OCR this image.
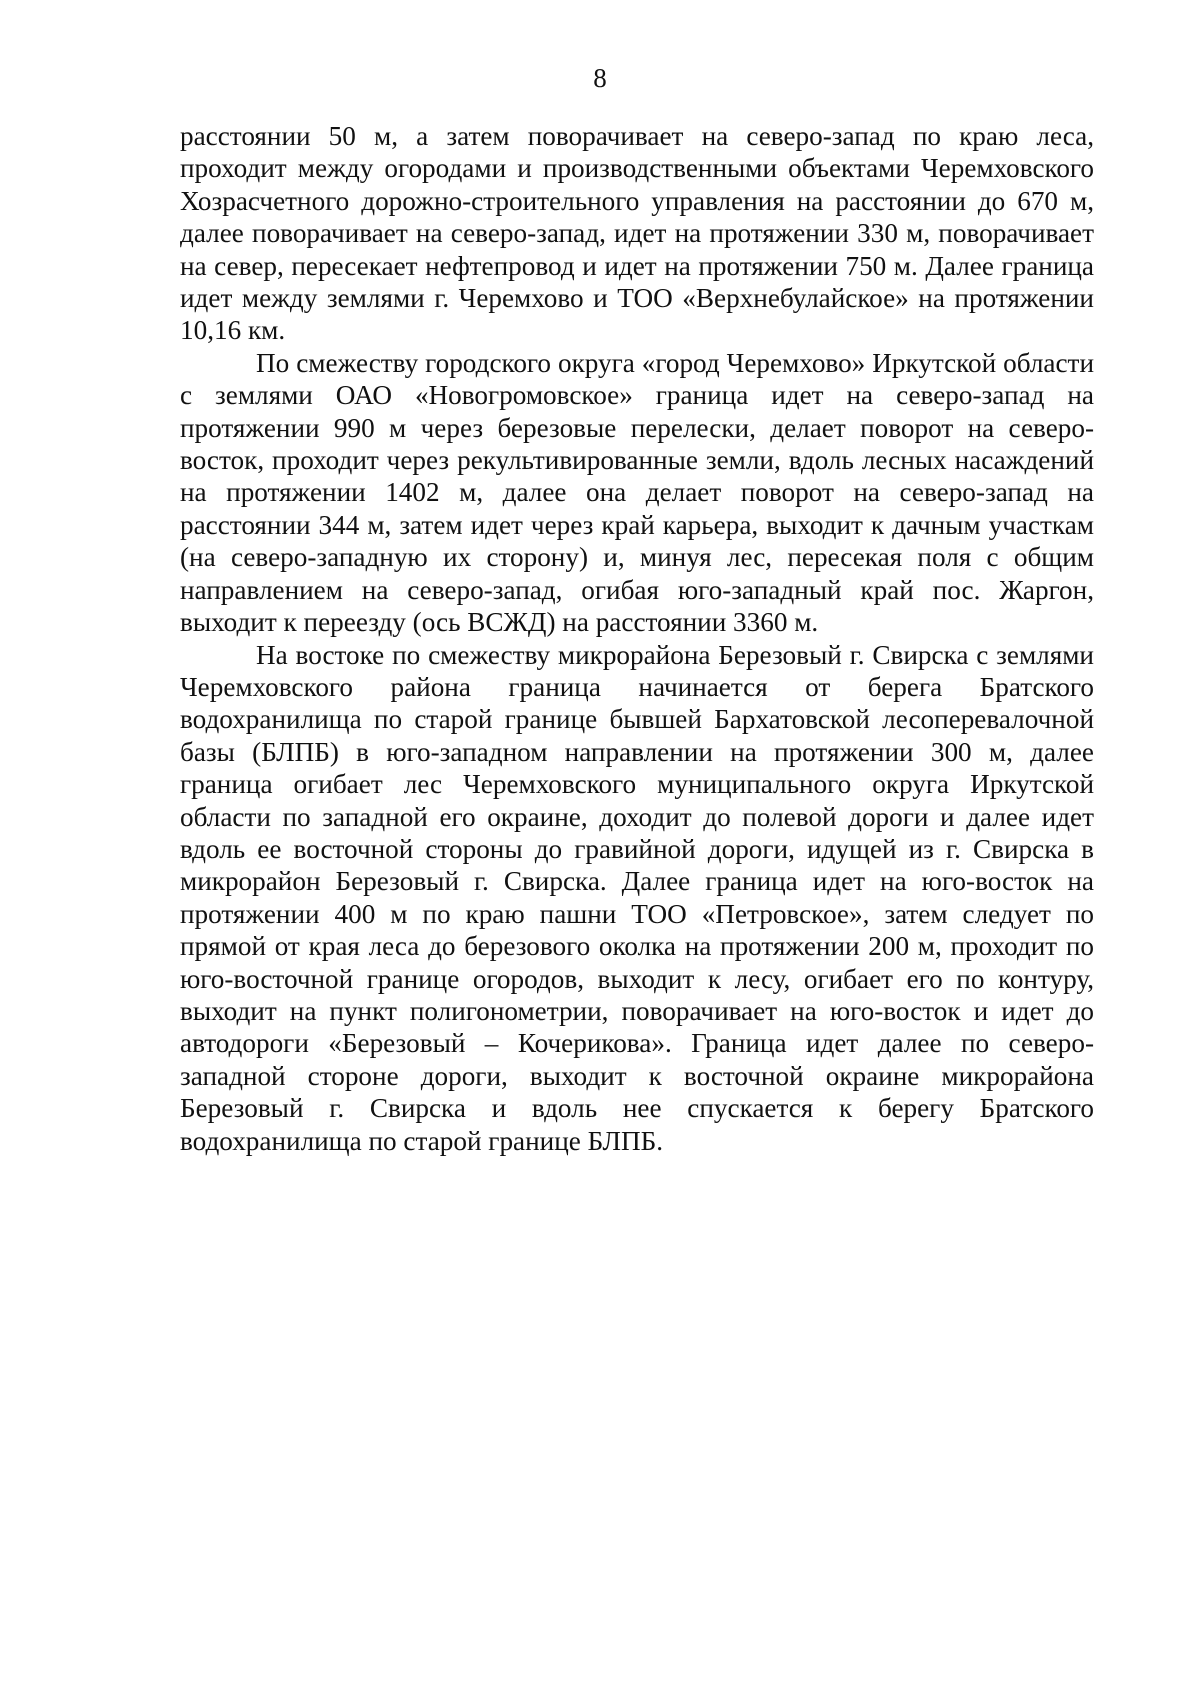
8

расстоянии 50 м, а затем поворачивает на северо-запад по краю леса, проходит между огородами и производственными объектами Черемховского Хозрасчетного дорожно-строительного управления на расстоянии до 670 м, далее поворачивает на северо-запад, идет на протяжении 330 м, поворачивает на север, пересекает нефтепровод и идет на протяжении 750 м. Далее граница идет между землями г. Черемхово и ТОО «Верхнебулайское» на протяжении 10,16 км.

По смежеству городского округа «город Черемхово» Иркутской области с землями ОАО «Новогромовское» граница идет на северо-запад на протяжении 990 м через березовые перелески, делает поворот на северо-восток, проходит через рекультивированные земли, вдоль лесных насаждений на протяжении 1402 м, далее она делает поворот на северо-запад на расстоянии 344 м, затем идет через край карьера, выходит к дачным участкам (на северо-западную их сторону) и, минуя лес, пересекая поля с общим направлением на северо-запад, огибая юго-западный край пос. Жаргон, выходит к переезду (ось ВСЖД) на расстоянии 3360 м.

На востоке по смежеству микрорайона Березовый г. Свирска с землями Черемховского района граница начинается от берега Братского водохранилища по старой границе бывшей Бархатовской лесоперевалочной базы (БЛПБ) в юго-западном направлении на протяжении 300 м, далее граница огибает лес Черемховского муниципального округа Иркутской области по западной его окраине, доходит до полевой дороги и далее идет вдоль ее восточной стороны до гравийной дороги, идущей из г. Свирска в микрорайон Березовый г. Свирска. Далее граница идет на юго-восток на протяжении 400 м по краю пашни ТОО «Петровское», затем следует по прямой от края леса до березового околка на протяжении 200 м, проходит по юго-восточной границе огородов, выходит к лесу, огибает его по контуру, выходит на пункт полигонометрии, поворачивает на юго-восток и идет до автодороги «Березовый – Кочерикова». Граница идет далее по северо-западной стороне дороги, выходит к восточной окраине микрорайона Березовый г. Свирска и вдоль нее спускается к берегу Братского водохранилища по старой границе БЛПБ.
